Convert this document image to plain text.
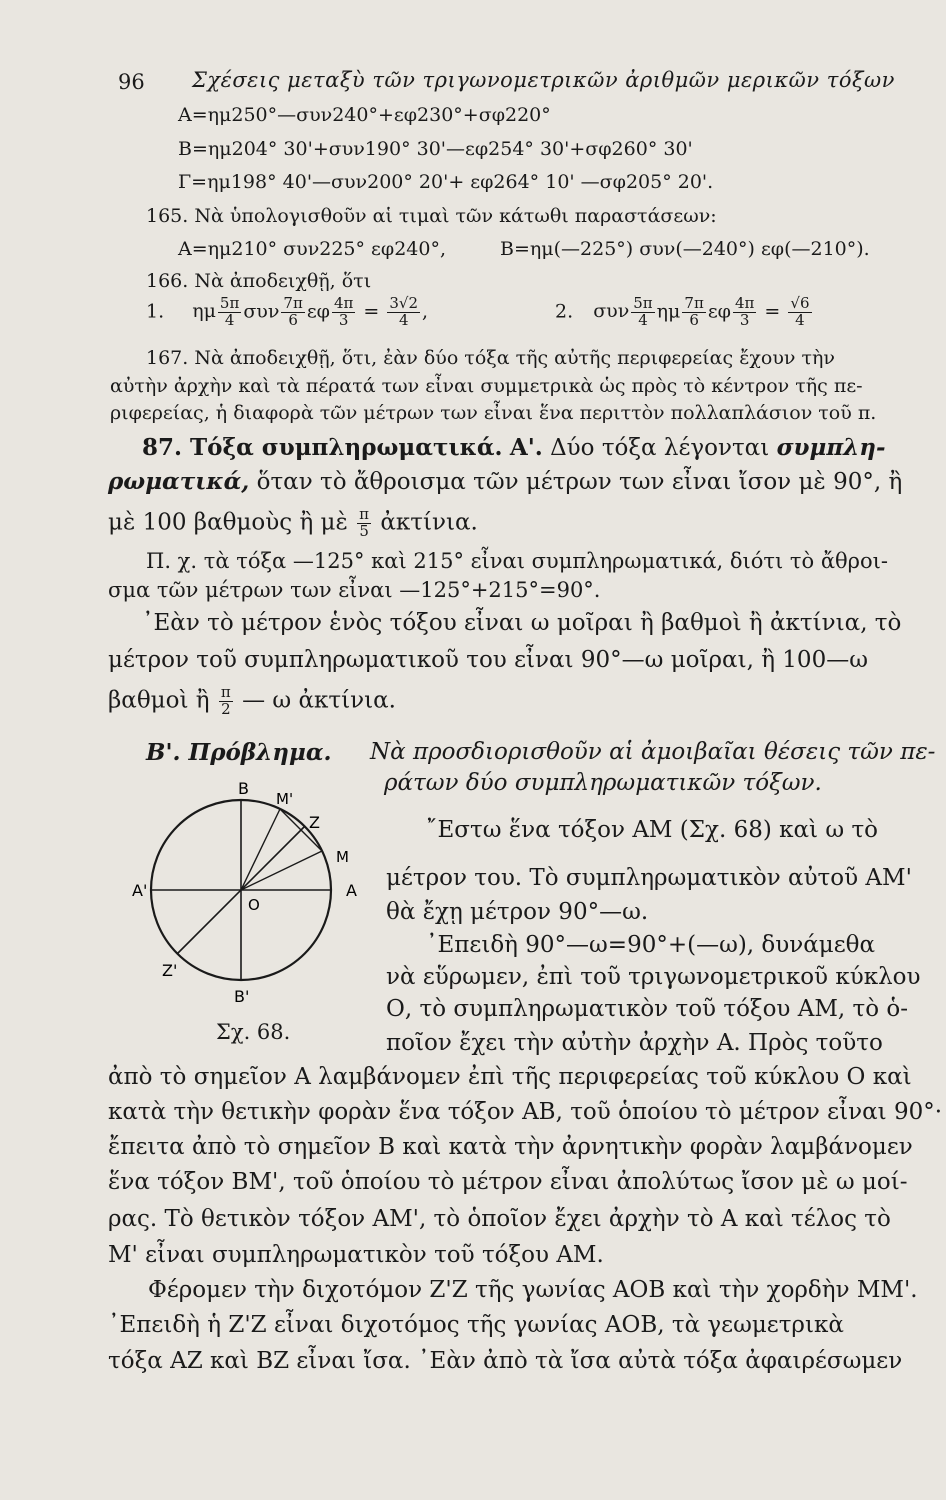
96 Σχέσεις μεταξὺ τῶν τριγωνομετρικῶν ἀριθμῶν μερικῶν τόξων
Α=ημ250°—συν240°+εφ230°+σφ220°
Β=ημ204° 30'+συν190° 30'—εφ254° 30'+σφ260° 30'
Γ=ημ198° 40'—συν200° 20'+ εφ264° 10' —σφ205° 20'.
165. Νὰ ὑπολογισθοῦν αἱ τιμαὶ τῶν κάτωθι παραστάσεων:
Α=ημ210° συν225° εφ240°,	Β=ημ(—225°) συν(—240°) εφ(—210°).
166. Νὰ ἀποδειχθῇ, ὅτι
1. ημ $\frac{5\pi}{4}$ συν $\frac{7\pi}{6}$ εφ $\frac{4\pi}{3} = \frac{3√2}{4}$ ,	2. συν $\frac{5\pi}{4}$ ημ $\frac{7\pi}{6}$ εφ $\frac{4\pi}{3} = \frac{√6}{4}$
167. Νὰ ἀποδειχθῇ, ὅτι, ἐὰν δύο τόξα τῆς αὐτῆς περιφερείας ἔχουν τὴν
αὐτὴν ἀρχὴν καὶ τὰ πέρατά των εἶναι συμμετρικὰ ὡς πρὸς τὸ κέντρον τῆς πε-
ριφερείας, ἡ διαφορὰ τῶν μέτρων των εἶναι ἕνα περιττὸν πολλαπλάσιον τοῦ π.
87. Τόξα συμπληρωματικά. Α'. Δύο τόξα λέγονται συμπλη-
ρωματικά, ὅταν τὸ ἄθροισμα τῶν μέτρων των εἶναι ἴσον μὲ 90°, ἢ
μὲ 100 βαθμοὺς ἢ μὲ $\frac{\pi}{5}$ ἀκτίνια.
Π. χ. τὰ τόξα —125° καὶ 215° εἶναι συμπληρωματικά, διότι τὸ ἄθροι-
σμα τῶν μέτρων των εἶναι —125°+215°=90°.
᾿Εὰν τὸ μέτρον ἑνὸς τόξου εἶναι ω μοῖραι ἢ βαθμοὶ ἢ ἀκτίνια, τὸ
μέτρον τοῦ συμπληρωματικοῦ του εἶναι 90°—ω μοῖραι, ἢ 100—ω
βαθμοὶ ἢ $\frac{\pi}{2}$ — ω ἀκτίνια.
Β'. Πρόβλημα. Νὰ προσδιορισθοῦν αἱ ἀμοιβαῖαι θέσεις τῶν πε-
ράτων δύο συμπληρωματικῶν τόξων.
Β
Μ'
Ζ
Μ
Α'	Α
Ο
Ζ'
Β'
Σχ. 68.
῎Εστω ἕνα τόξον ΑΜ (Σχ. 68) καὶ ω τὸ
μέτρον του. Τὸ συμπληρωματικὸν αὐτοῦ ΑΜ'
θὰ ἔχῃ μέτρον 90°—ω.
᾿Επειδὴ 90°—ω=90°+(—ω), δυνάμεθα
νὰ εὕρωμεν, ἐπὶ τοῦ τριγωνομετρικοῦ κύκλου
Ο, τὸ συμπληρωματικὸν τοῦ τόξου ΑΜ, τὸ ὁ-
ποῖον ἔχει τὴν αὐτὴν ἀρχὴν Α. Πρὸς τοῦτο
ἀπὸ τὸ σημεῖον Α λαμβάνομεν ἐπὶ τῆς περιφερείας τοῦ κύκλου Ο καὶ
κατὰ τὴν θετικὴν φορὰν ἕνα τόξον ΑΒ, τοῦ ὁποίου τὸ μέτρον εἶναι 90°·
ἔπειτα ἀπὸ τὸ σημεῖον Β καὶ κατὰ τὴν ἀρνητικὴν φορὰν λαμβάνομεν
ἕνα τόξον ΒΜ', τοῦ ὁποίου τὸ μέτρον εἶναι ἀπολύτως ἴσον μὲ ω μοί-
ρας. Τὸ θετικὸν τόξον ΑΜ', τὸ ὁποῖον ἔχει ἀρχὴν τὸ Α καὶ τέλος τὸ
Μ' εἶναι συμπληρωματικὸν τοῦ τόξου ΑΜ.
Φέρομεν τὴν διχοτόμον Ζ'Ζ τῆς γωνίας ΑΟΒ καὶ τὴν χορδὴν ΜΜ'.
᾿Επειδὴ ἡ Ζ'Ζ εἶναι διχοτόμος τῆς γωνίας ΑΟΒ, τὰ γεωμετρικὰ
τόξα ΑΖ καὶ ΒΖ εἶναι ἴσα. ᾿Εὰν ἀπὸ τὰ ἴσα αὐτὰ τόξα ἀφαιρέσωμεν
